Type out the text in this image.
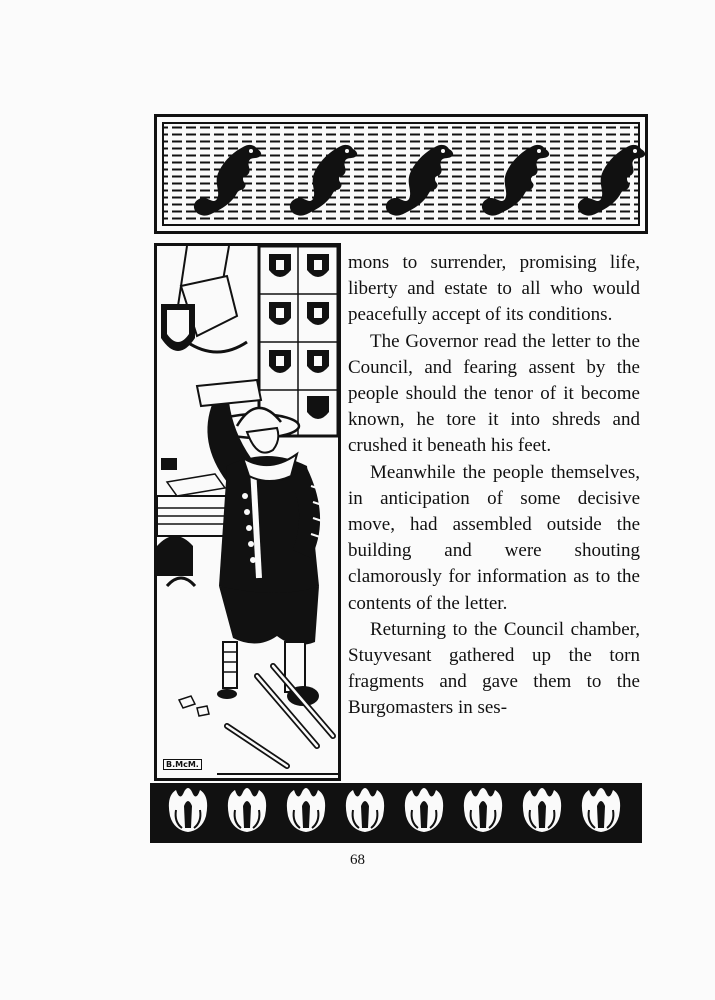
B.McM.

mons to surrender, promising life, liberty and estate to all who would peacefully accept of its conditions.

The Governor read the letter to the Council, and fearing assent by the people should the tenor of it become known, he tore it into shreds and crushed it beneath his feet.

Meanwhile the people themselves, in anticipation of some decisive move, had assembled outside the building and were shouting clamorously for information as to the contents of the letter.

Returning to the Council chamber, Stuyvesant gathered up the torn fragments and gave them to the Burgomasters in ses-

68
